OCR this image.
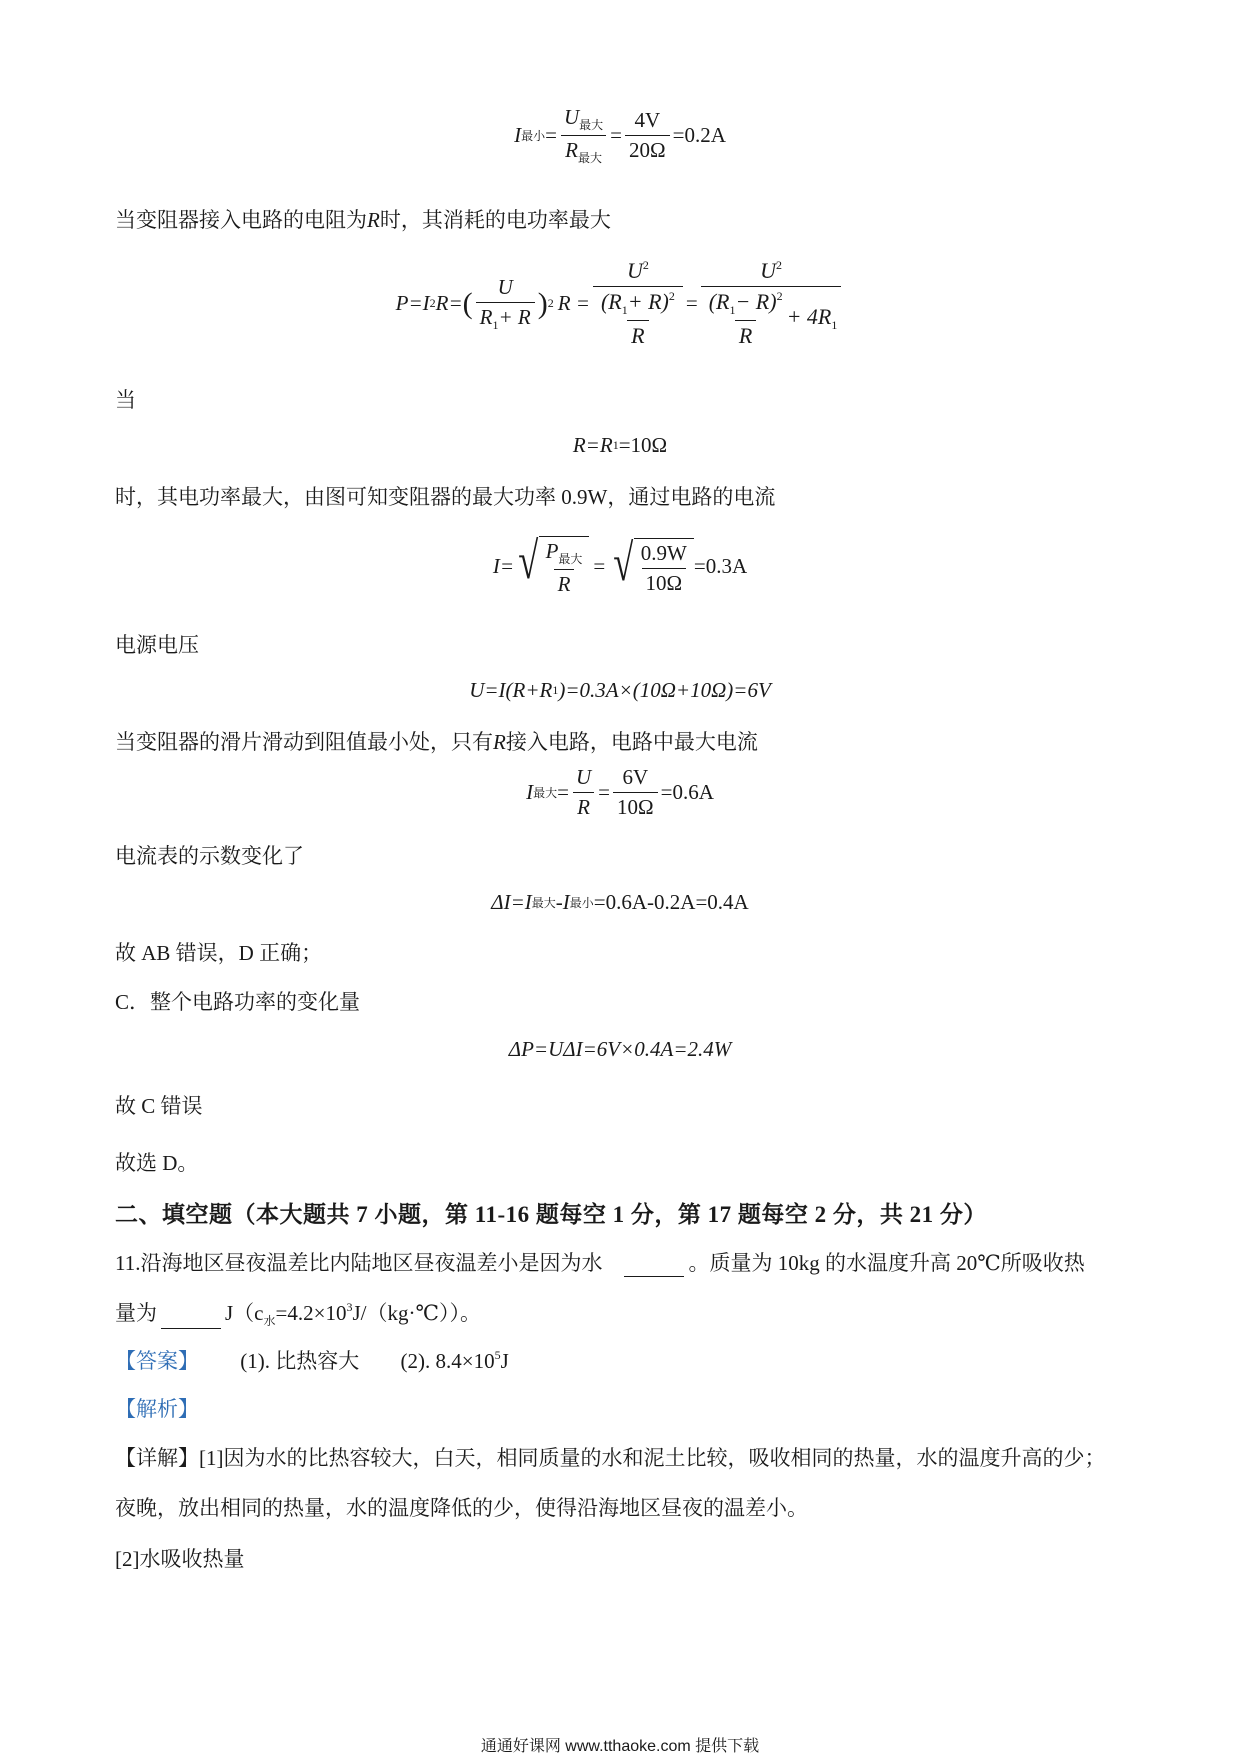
I 最小 = $\frac{U_{最大}}{R_{最大}} = \frac{4V}{20\Omega} =0.2A$
当变阻器接入电路的电阻为R时，其消耗的电功率最大
P=I 2 R= ( $\frac{U}{R_1+ R}$ ) 2 $R = \frac{U^2}{\frac{(R_1+ R)^2}{R}} = \frac{U^2}{\frac{(R_1- R)^2}{R} + 4R_1}$
当
R=R 1 =10Ω
时，其电功率最大，由图可知变阻器的最大功率 0.9W，通过电路的电流
I= √ $\frac{P_{最大}}{R}$ = √ $\frac{0.9W}{10\Omega} =0.3A$
电源电压
U=I(R+R 1 )=0.3A×(10Ω+10Ω)=6V
当变阻器的滑片滑动到阻值最小处，只有R接入电路，电路中最大电流
I 最大 = $\frac{U}{R} = \frac{6V}{10\Omega} =0.6A$
电流表的示数变化了
ΔI=I 最大 -I 最小 =0.6A-0.2A=0.4A
故 AB 错误，D 正确；
C．整个电路功率的变化量
ΔP=UΔI=6V×0.4A=2.4W
故 C 错误
故选 D。
二、填空题（本大题共 7 小题，第 11-16 题每空 1 分，第 17 题每空 2 分，共 21 分）
11.沿海地区昼夜温差比内陆地区昼夜温差小是因为水	。质量为 10kg 的水温度升高 20℃所吸收热
量为	$J(c_水=4.2\times 10^3J/(kg\cdot℃))$。
【答案】 (1). 比热容大 (2). $8.4\times 10^5J$
【解析】
【详解】[1]因为水的比热容较大，白天，相同质量的水和泥土比较，吸收相同的热量，水的温度升高的少；
夜晚，放出相同的热量，水的温度降低的少，使得沿海地区昼夜的温差小。
[2]水吸收热量
通通好课网 www.tthaoke.com 提供下载
